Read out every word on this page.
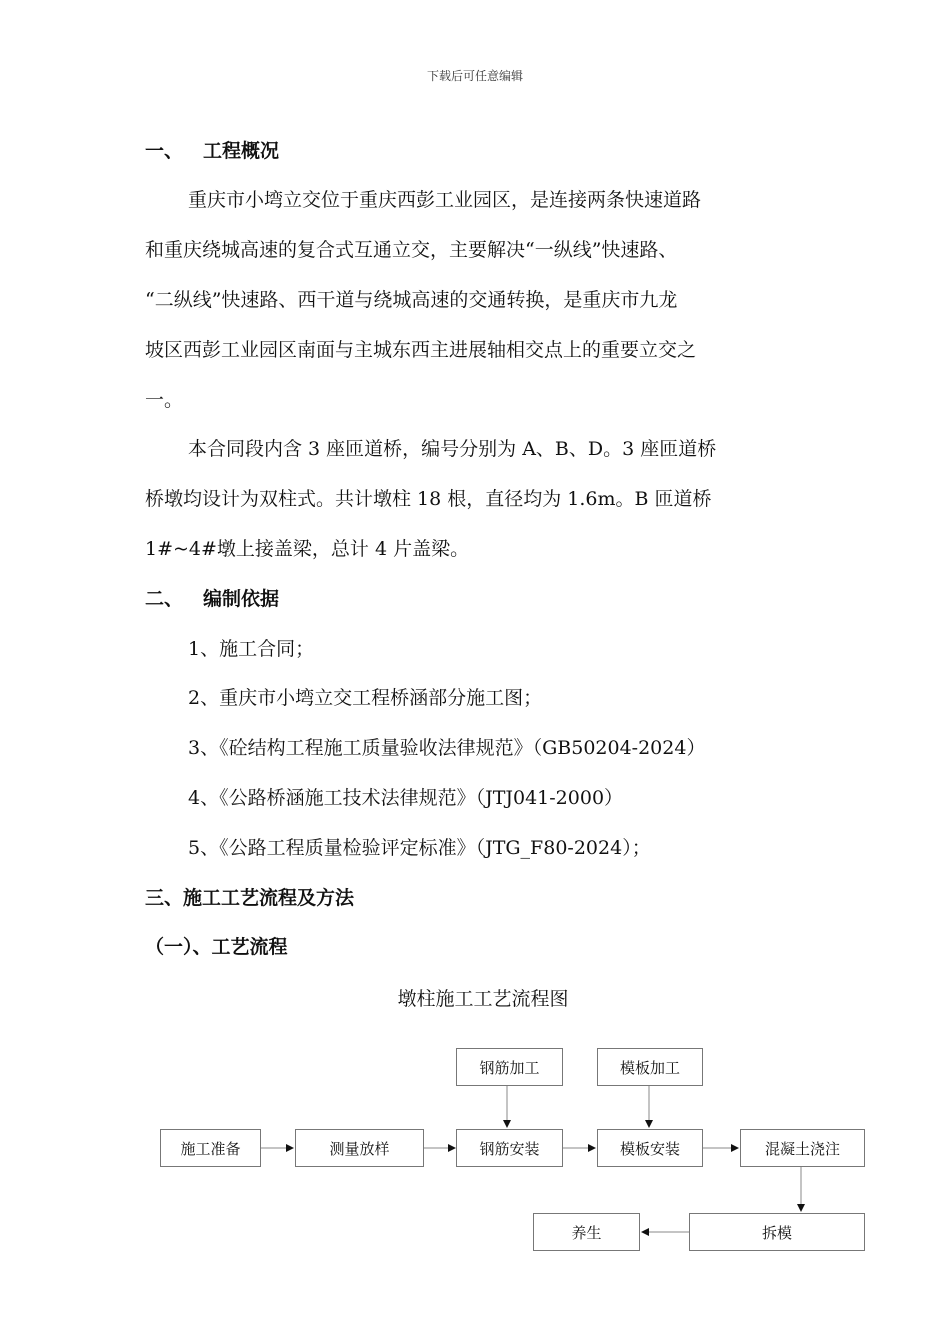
下载后可任意编辑
一、 工程概况
重庆市小塆立交位于重庆西彭工业园区，是连接两条快速道路
和重庆绕城高速的复合式互通立交，主要解决“一纵线”快速路、
“二纵线”快速路、西干道与绕城高速的交通转换，是重庆市九龙
坡区西彭工业园区南面与主城东西主进展轴相交点上的重要立交之
一。
本合同段内含 3 座匝道桥，编号分别为 A、B、D。3 座匝道桥
桥墩均设计为双柱式。共计墩柱 18 根，直径均为 1.6m。B 匝道桥
1#~4#墩上接盖梁，总计 4 片盖梁。
二、 编制依据
1、施工合同；
2、重庆市小塆立交工程桥涵部分施工图；
3、《砼结构工程施工质量验收法律规范》（GB50204-2024）
4、《公路桥涵施工技术法律规范》（JTJ041-2000）
5、《公路工程质量检验评定标准》（JTG_F80-2024）；
三、施工工艺流程及方法
（一）、工艺流程
墩柱施工工艺流程图
钢筋加工	模板加工
施工准备	测量放样	钢筋安装	模板安装	混凝土浇注
养生	拆模
